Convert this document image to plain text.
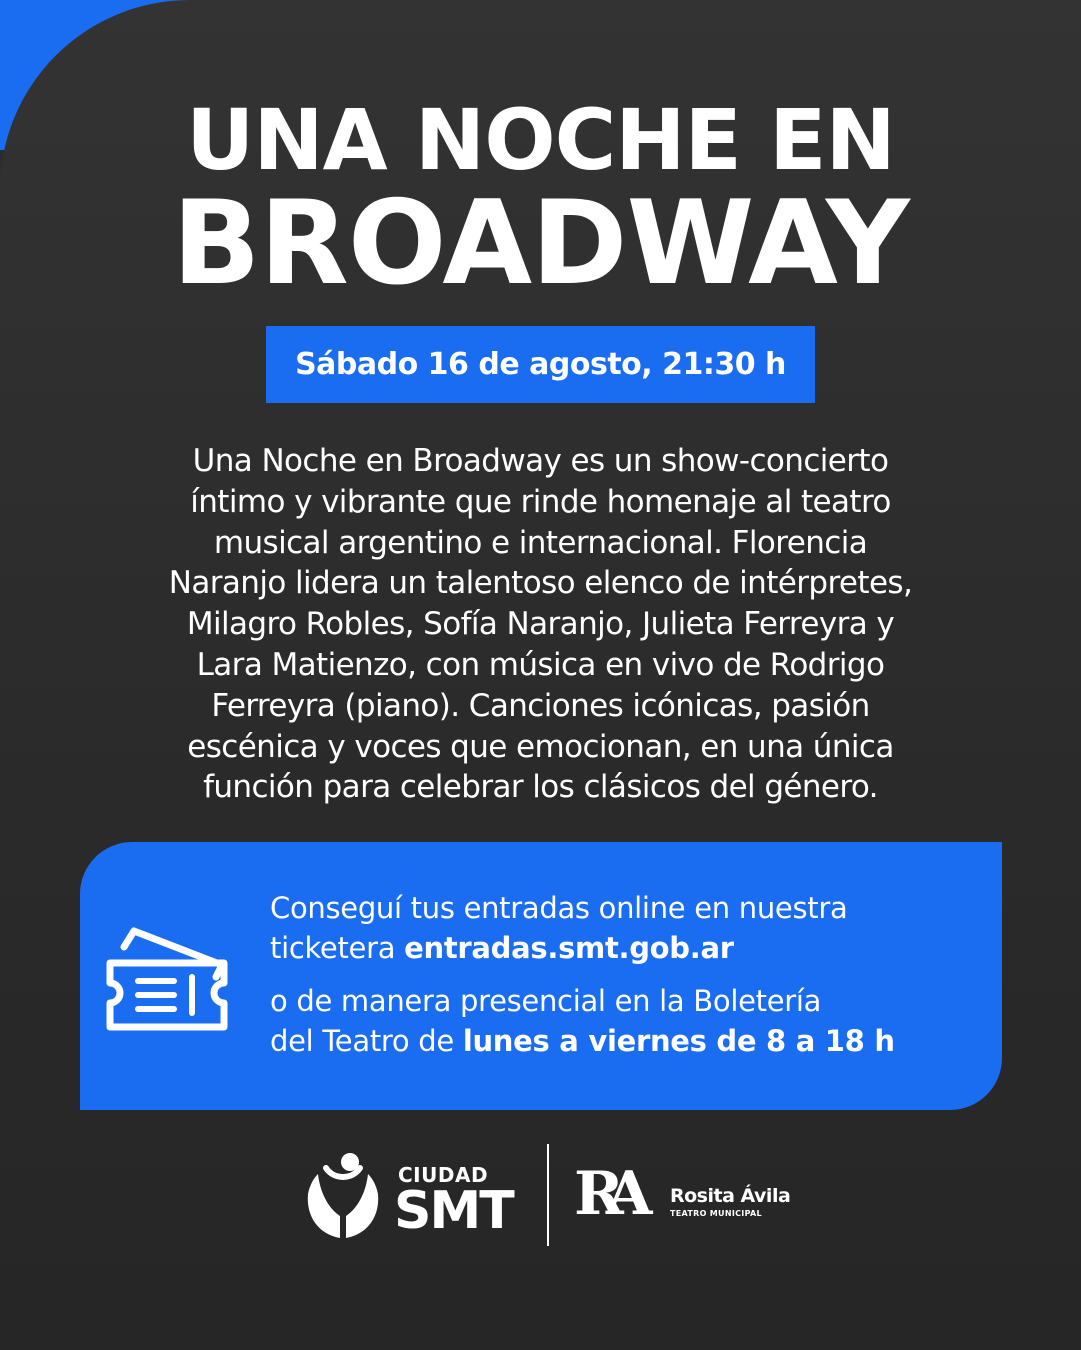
UNA NOCHE EN
BROADWAY
Sábado 16 de agosto, 21:30 h

Una Noche en Broadway es un show-concierto
íntimo y vibrante que rinde homenaje al teatro
musical argentino e internacional. Florencia
Naranjo lidera un talentoso elenco de intérpretes,
Milagro Robles, Sofía Naranjo, Julieta Ferreyra y
Lara Matienzo, con música en vivo de Rodrigo
Ferreyra (piano). Canciones icónicas, pasión
escénica y voces que emocionan, en una única
función para celebrar los clásicos del género.

Conseguí tus entradas online en nuestra
ticketera entradas.smt.gob.ar

o de manera presencial en la Boletería
del Teatro de lunes a viernes de 8 a 18 h

CIUDAD
SMT RA	Rosita Ávila
TEATRO MUNICIPAL
